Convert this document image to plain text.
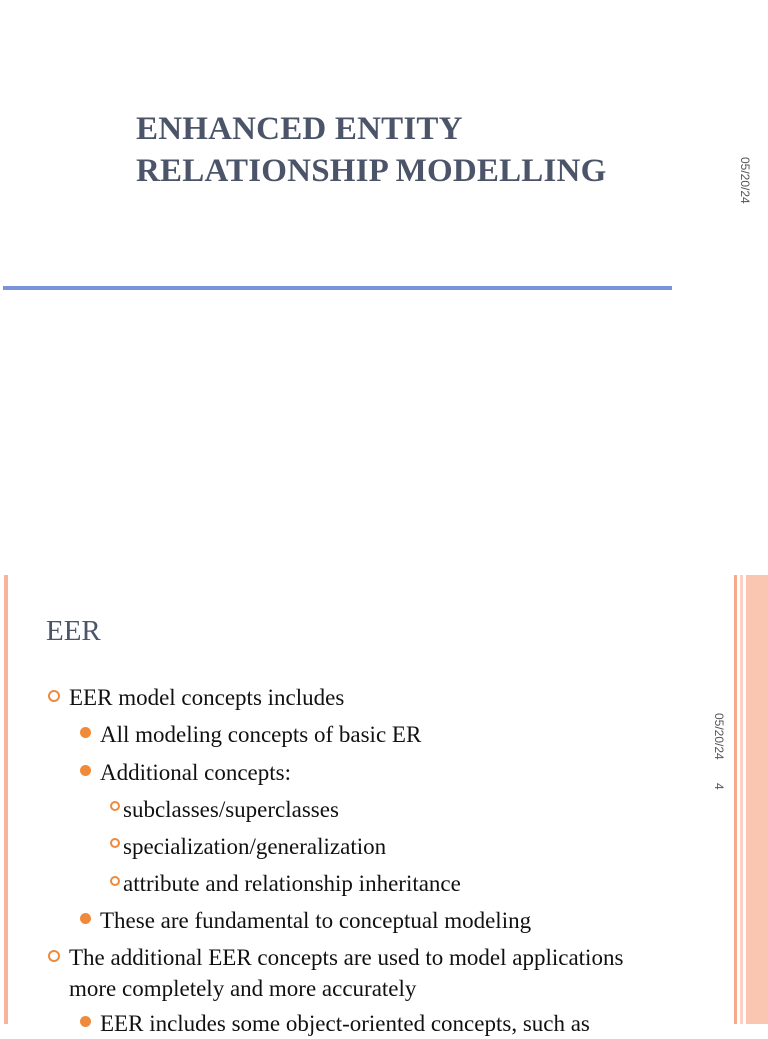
ENHANCED ENTITY
RELATIONSHIP MODELLING	05/20/24
EER
05/20/24 4
EER model concepts includes
All modeling concepts of basic ER
Additional concepts:
subclasses/superclasses
specialization/generalization
attribute and relationship inheritance
These are fundamental to conceptual modeling
The additional EER concepts are used to model applications
more completely and more accurately
EER includes some object-oriented concepts, such as
